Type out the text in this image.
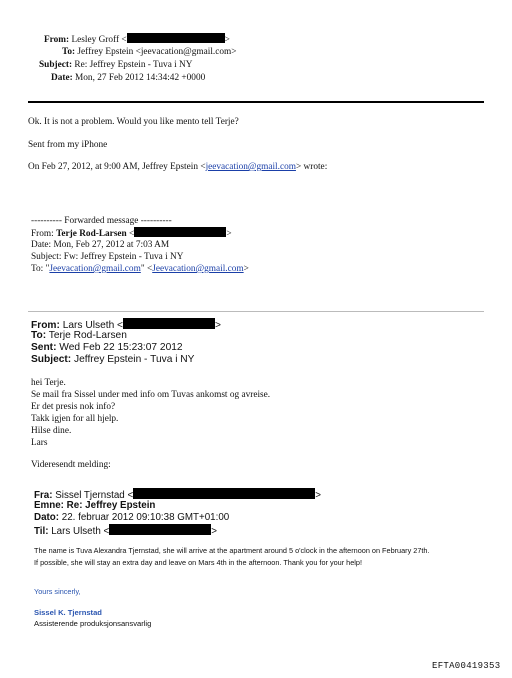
From: Lesley Groff <	>
To: Jeffrey Epstein <jeevacation@gmail.com>
Subject: Re: Jeffrey Epstein - Tuva i NY
Date: Mon, 27 Feb 2012 14:34:42 +0000
Ok. It is not a problem. Would you like mento tell Terje?
Sent from my iPhone
On Feb 27, 2012, at 9:00 AM, Jeffrey Epstein <jeevacation@gmail.com> wrote:
---------- Forwarded message ----------
From: Terje Rod-Larsen <	>
Date: Mon, Feb 27, 2012 at 7:03 AM
Subject: Fw: Jeffrey Epstein - Tuva i NY
To: "Jeevacation@gmail.com" <Jeevacation@gmail.com>
From: Lars Ulseth <	>
To: Terje Rod-Larsen
Sent: Wed Feb 22 15:23:07 2012
Subject: Jeffrey Epstein - Tuva i NY
hei Terje.
Se mail fra Sissel under med info om Tuvas ankomst og avreise.
Er det presis nok info?
Takk igjen for all hjelp.
Hilse dine.
Lars
Videresendt melding:
Fra: Sissel Tjernstad <	>
Emne: Re: Jeffrey Epstein
Dato: 22. februar 2012 09:10:38 GMT+01:00
Til: Lars Ulseth <	>
The name is Tuva Alexandra Tjernstad, she will arrive at the apartment around 5 o'clock in the afternoon on February 27th.
If possible, she will stay an extra day and leave on Mars 4th in the afternoon. Thank you for your help!
Yours sincerly,
Sissel K. Tjernstad
Assisterende produksjonsansvarlig
EFTA00419353
